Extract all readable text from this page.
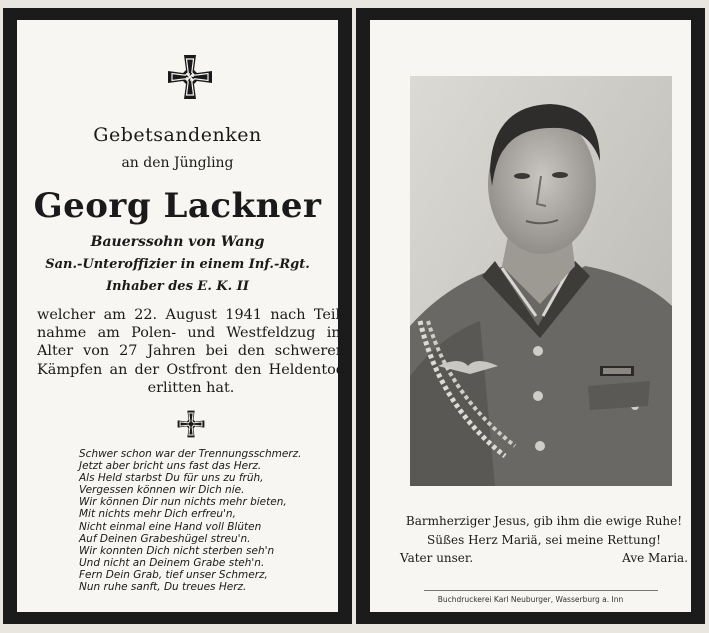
Gebetsandenken
an den Jüngling
Georg Lackner
Bauerssohn von Wang
San.-Unteroffizier in einem Inf.-Rgt.
Inhaber des E. K. II
welcher am 22. August 1941 nach Teil-
nahme am Polen- und Westfeldzug im
Alter von 27 Jahren bei den schweren
Kämpfen an der Ostfront den Heldentod
erlitten hat.
Schwer schon war der Trennungsschmerz.
Jetzt aber bricht uns fast das Herz.
Als Held starbst Du für uns zu früh,
Vergessen können wir Dich nie.
Wir können Dir nun nichts mehr bieten,
Mit nichts mehr Dich erfreu'n,
Nicht einmal eine Hand voll Blüten
Auf Deinen Grabeshügel streu'n.
Wir konnten Dich nicht sterben seh'n
Und nicht an Deinem Grabe steh'n.
Fern Dein Grab, tief unser Schmerz,
Nun ruhe sanft, Du treues Herz.
Barmherziger Jesus, gib ihm die ewige Ruhe!
Süßes Herz Mariä, sei meine Rettung!
Vater unser.	Ave Maria.
Buchdruckerei Karl Neuburger, Wasserburg a. Inn
